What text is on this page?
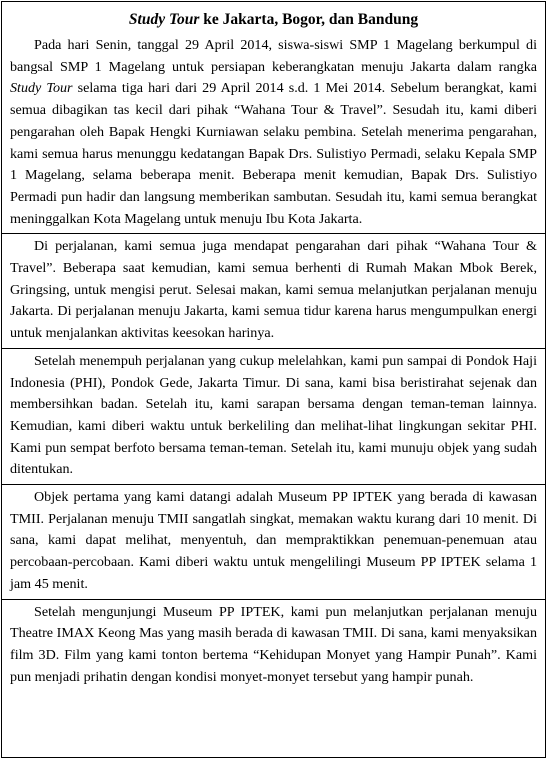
Study Tour ke Jakarta, Bogor, dan Bandung
Pada hari Senin, tanggal 29 April 2014, siswa-siswi SMP 1 Magelang berkumpul di bangsal SMP 1 Magelang untuk persiapan keberangkatan menuju Jakarta dalam rangka Study Tour selama tiga hari dari 29 April 2014 s.d. 1 Mei 2014. Sebelum berangkat, kami semua dibagikan tas kecil dari pihak “Wahana Tour & Travel”. Sesudah itu, kami diberi pengarahan oleh Bapak Hengki Kurniawan selaku pembina. Setelah menerima pengarahan, kami semua harus menunggu kedatangan Bapak Drs. Sulistiyo Permadi, selaku Kepala SMP 1 Magelang, selama beberapa menit. Beberapa menit kemudian, Bapak Drs. Sulistiyo Permadi pun hadir dan langsung memberikan sambutan. Sesudah itu, kami semua berangkat meninggalkan Kota Magelang untuk menuju Ibu Kota Jakarta.
Di perjalanan, kami semua juga mendapat pengarahan dari pihak “Wahana Tour & Travel”. Beberapa saat kemudian, kami semua berhenti di Rumah Makan Mbok Berek, Gringsing, untuk mengisi perut. Selesai makan, kami semua melanjutkan perjalanan menuju Jakarta. Di perjalanan menuju Jakarta, kami semua tidur karena harus mengumpulkan energi untuk menjalankan aktivitas keesokan harinya.
Setelah menempuh perjalanan yang cukup melelahkan, kami pun sampai di Pondok Haji Indonesia (PHI), Pondok Gede, Jakarta Timur. Di sana, kami bisa beristirahat sejenak dan membersihkan badan. Setelah itu, kami sarapan bersama dengan teman-teman lainnya. Kemudian, kami diberi waktu untuk berkeliling dan melihat-lihat lingkungan sekitar PHI. Kami pun sempat berfoto bersama teman-teman. Setelah itu, kami munuju objek yang sudah ditentukan.
Objek pertama yang kami datangi adalah Museum PP IPTEK yang berada di kawasan TMII. Perjalanan menuju TMII sangatlah singkat, memakan waktu kurang dari 10 menit. Di sana, kami dapat melihat, menyentuh, dan mempraktikkan penemuan-penemuan atau percobaan-percobaan. Kami diberi waktu untuk mengelilingi Museum PP IPTEK selama 1 jam 45 menit.
Setelah mengunjungi Museum PP IPTEK, kami pun melanjutkan perjalanan menuju Theatre IMAX Keong Mas yang masih berada di kawasan TMII. Di sana, kami menyaksikan film 3D. Film yang kami tonton bertema “Kehidupan Monyet yang Hampir Punah”. Kami pun menjadi prihatin dengan kondisi monyet-monyet tersebut yang hampir punah.
